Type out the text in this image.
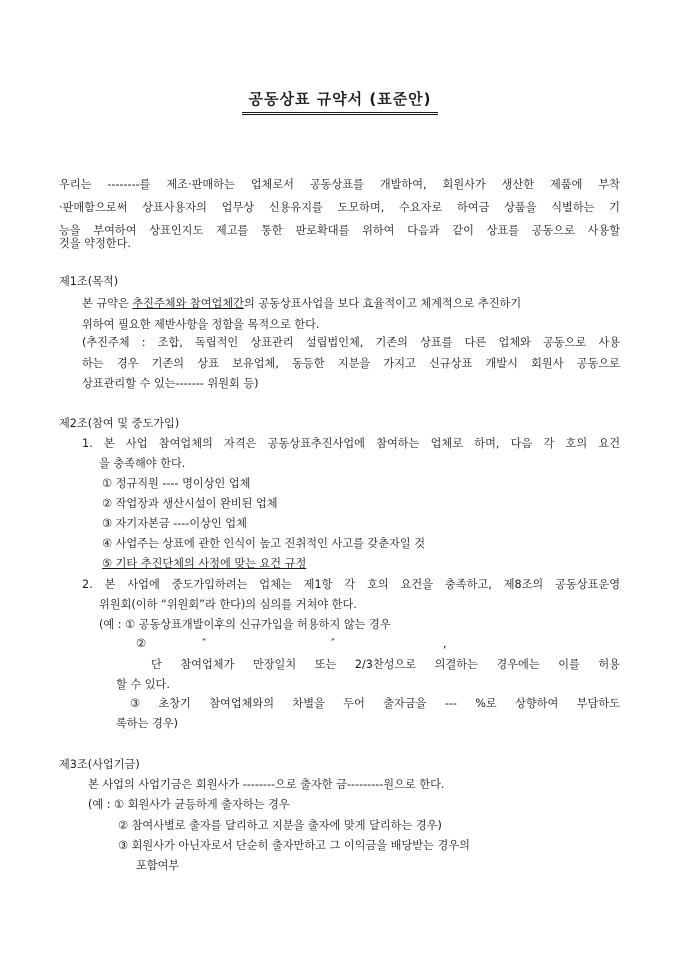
공동상표 규약서 (표준안)
우리는 --------를 제조·판매하는 업체로서 공동상표를 개발하여, 회원사가 생산한 제품에 부착
·판매함으로써 상표사용자의 업무상 신용유지를 도모하며, 수요자로 하여금 상품을 식별하는 기
능을 부여하여 상표인지도 제고를 통한 판로확대를 위하여 다음과 같이 상표를 공동으로 사용할
것을 약정한다.
제1조(목적)
본 규약은 추진주체와 참여업체간의 공동상표사업을 보다 효율적이고 체계적으로 추진하기
위하여 필요한 제반사항을 정함을 목적으로 한다.
(추진주체 : 조합, 독립적인 상표관리 설립법인체, 기존의 상표를 다른 업체와 공동으로 사용
하는 경우 기존의 상표 보유업체, 동등한 지분을 가지고 신규상표 개발시 회원사 공동으로
상표관리할 수 있는------- 위원회 등)
제2조(참여 및 중도가입)
1. 본 사업 참여업체의 자격은 공동상표추진사업에 참여하는 업체로 하며, 다음 각 호의 요건
을 충족해야 한다.
① 정규직원 ---- 명이상인 업체
② 작업장과 생산시설이 완비된 업체
③ 자기자본금 ----이상인 업체
④ 사업주는 상표에 관한 인식이 높고 진취적인 사고를 갖춘자일 것
⑤ 기타 추진단체의 사정에 맞는 요건 규정
2. 본 사업에 중도가입하려는 업체는 제1항 각 호의 요건을 충족하고, 제8조의 공동상표운영
위원회(이하 “위원회”라 한다)의 심의를 거쳐야 한다.
(예 : ① 공동상표개발이후의 신규가입을 허용하지 않는 경우
②	″	″	,
단 참여업체가 만장일치 또는 2/3찬성으로 의결하는 경우에는 이를 허용
할 수 있다.
③ 초창기 참여업체와의 차별을 두어 출자금을 --- %로 상향하여 부담하도
록하는 경우)
제3조(사업기금)
본 사업의 사업기금은 회원사가 --------으로 출자한 금---------원으로 한다.
(예 : ① 회원사가 균등하게 출자하는 경우
② 참여사별로 출자를 달리하고 지분을 출자에 맞게 달리하는 경우)
③ 회원사가 아닌자로서 단순히 출자만하고 그 이익금을 배당받는 경우의
포함여부
